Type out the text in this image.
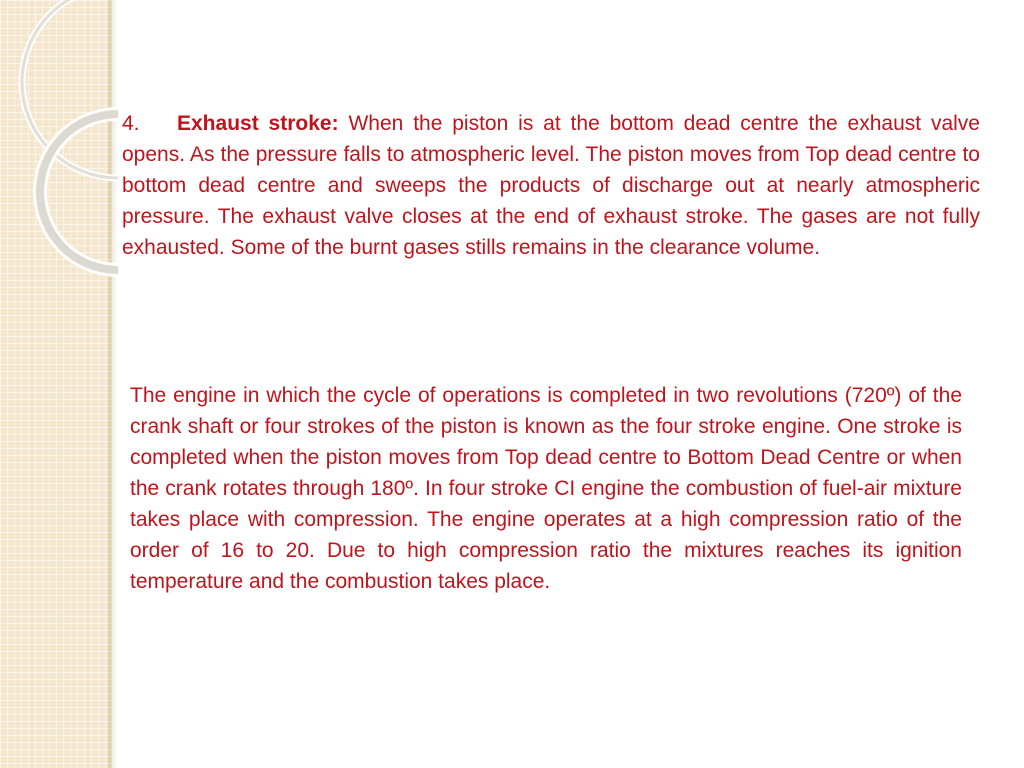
4. Exhaust stroke: When the piston is at the bottom dead centre the exhaust valve opens. As the pressure falls to atmospheric level. The piston moves from Top dead centre to bottom dead centre and sweeps the products of discharge out at nearly atmospheric pressure. The exhaust valve closes at the end of exhaust stroke. The gases are not fully exhausted. Some of the burnt gases stills remains in the clearance volume.

The engine in which the cycle of operations is completed in two revolutions (720º) of the crank shaft or four strokes of the piston is known as the four stroke engine. One stroke is completed when the piston moves from Top dead centre to Bottom Dead Centre or when the crank rotates through 180º. In four stroke CI engine the combustion of fuel-air mixture takes place with compression. The engine operates at a high compression ratio of the order of 16 to 20. Due to high compression ratio the mixtures reaches its ignition temperature and the combustion takes place.
